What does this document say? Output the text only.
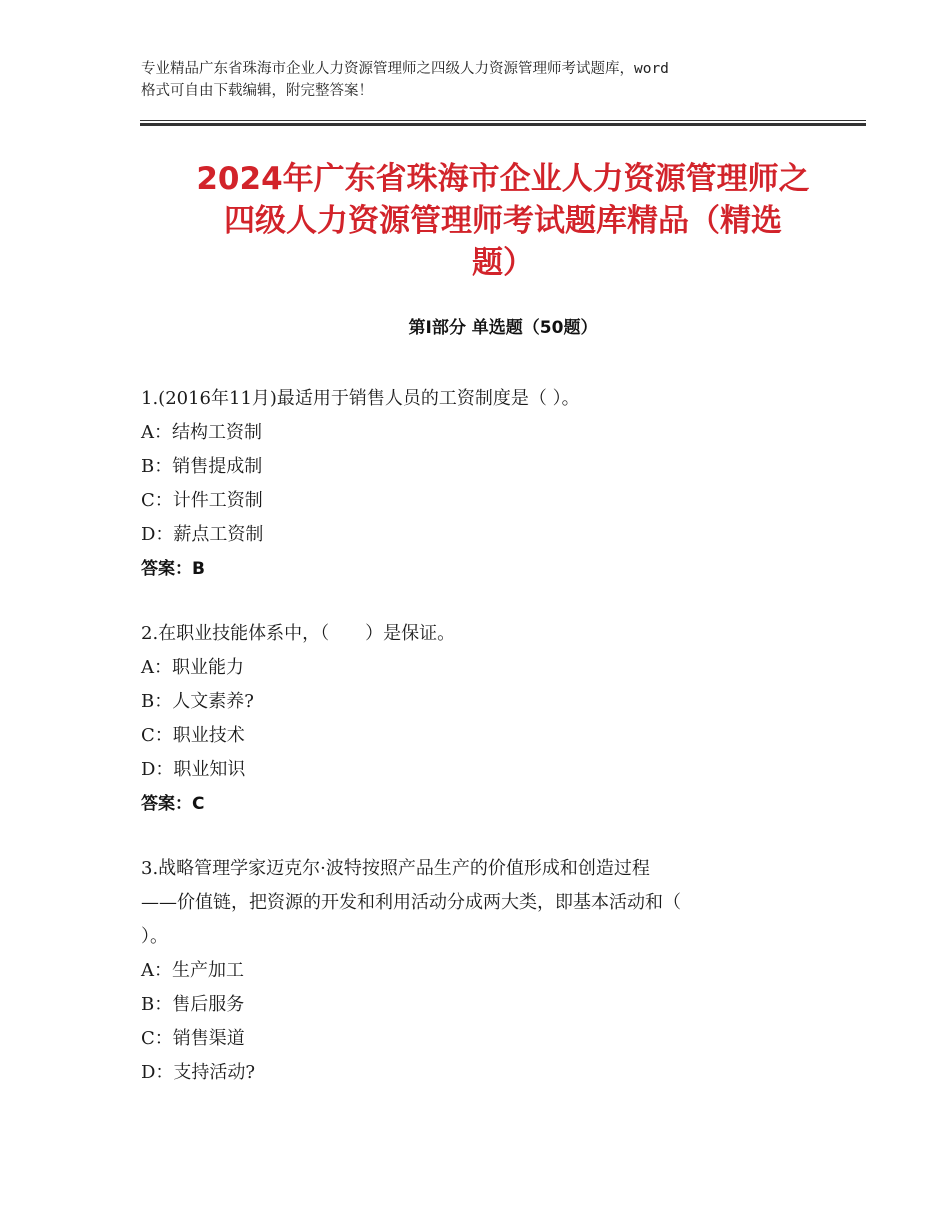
专业精品广东省珠海市企业人力资源管理师之四级人力资源管理师考试题库，word
格式可自由下载编辑，附完整答案！
2024年广东省珠海市企业人力资源管理师之
四级人力资源管理师考试题库精品（精选
题）
第Ⅰ部分 单选题（50题）
1.(2016年11月)最适用于销售人员的工资制度是（ ）。
A：结构工资制
B：销售提成制
C：计件工资制
D：薪点工资制
答案：B
2.在职业技能体系中，（　　）是保证。
A：职业能力
B：人文素养?
C：职业技术
D：职业知识
答案：C
3.战略管理学家迈克尔·波特按照产品生产的价值形成和创造过程
——价值链，把资源的开发和利用活动分成两大类，即基本活动和（
）。
A：生产加工
B：售后服务
C：销售渠道
D：支持活动?
